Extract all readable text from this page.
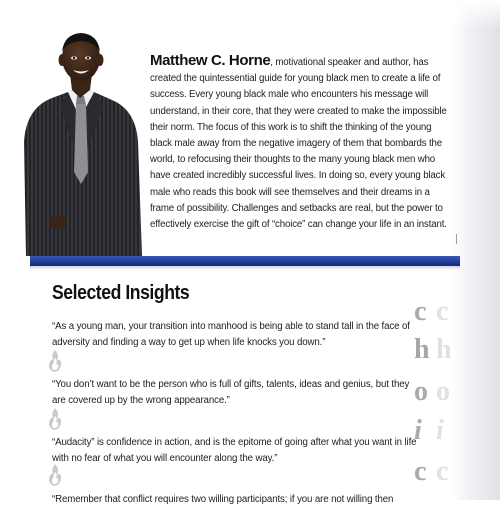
Matthew C. Horne, motivational speaker and author, has created the quintessential guide for young black men to create a life of success. Every young black male who encounters his message will understand, in their core, that they were created to make the impossible their norm. The focus of this work is to shift the thinking of the young black male away from the negative imagery of them that bombards the world, to refocusing their thoughts to the many young black men who have created incredibly successful lives. In doing so, every young black male who reads this book will see themselves and their dreams in a frame of possibility. Challenges and setbacks are real, but the power to effectively exercise the gift of “choice” can change your life in an instant.
Selected Insights
“As a young man, your transition into manhood is being able to stand tall in the face of adversity and finding a way to get up when life knocks you down.”
“You don’t want to be the person who is full of gifts, talents, ideas and genius, but they are covered up by the wrong appearance.”
“Audacity” is confidence in action, and is the epitome of going after what you want in life with no fear of what you will encounter along the way.”
“Remember that conflict requires two willing participants; if you are not willing then
c
h
o
i
c
c
h
o
i
c
